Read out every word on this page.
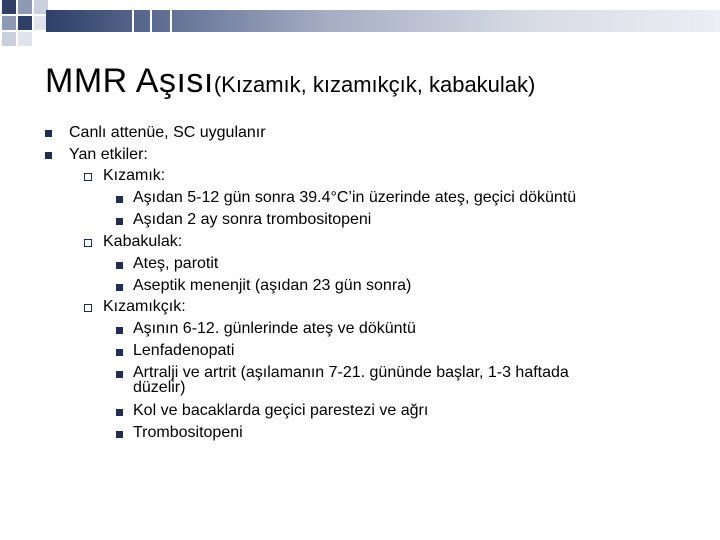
MMR Aşısı(Kızamık, kızamıkçık, kabakulak)
Canlı attenüe, SC uygulanır
Yan etkiler:
Kızamık:
Aşıdan 5-12 gün sonra 39.4°C’in üzerinde ateş, geçici döküntü
Aşıdan 2 ay sonra trombositopeni
Kabakulak:
Ateş, parotit
Aseptik menenjit (aşıdan 23 gün sonra)
Kızamıkçık:
Aşının 6-12. günlerinde ateş ve döküntü
Lenfadenopati
Artralji ve artrit (aşılamanın 7-21. gününde başlar, 1-3 haftada
düzelir)
Kol ve bacaklarda geçici parestezi ve ağrı
Trombositopeni
